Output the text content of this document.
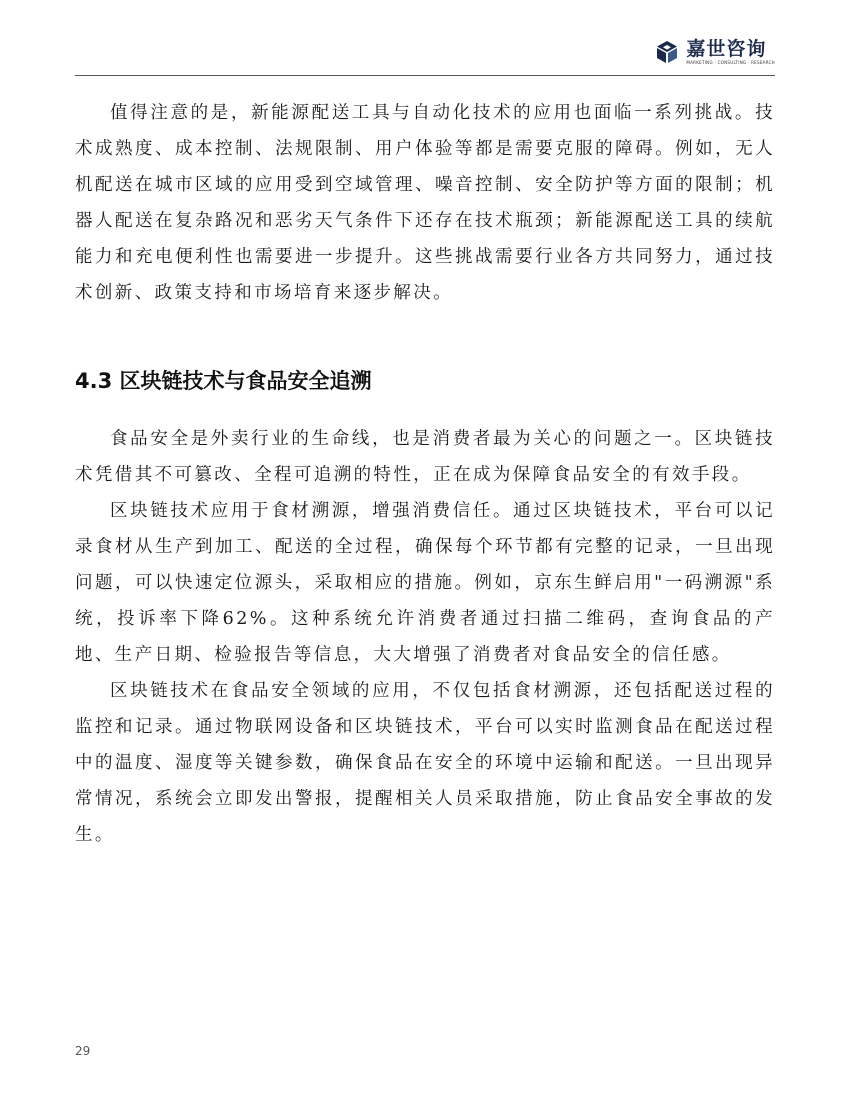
嘉世咨询
MARKETING · CONSULTING · RESEARCH

值得注意的是，新能源配送工具与自动化技术的应用也面临一系列挑战。技术成熟度、成本控制、法规限制、用户体验等都是需要克服的障碍。例如，无人机配送在城市区域的应用受到空域管理、噪音控制、安全防护等方面的限制；机器人配送在复杂路况和恶劣天气条件下还存在技术瓶颈；新能源配送工具的续航能力和充电便利性也需要进一步提升。这些挑战需要行业各方共同努力，通过技术创新、政策支持和市场培育来逐步解决。

4.3 区块链技术与食品安全追溯

食品安全是外卖行业的生命线，也是消费者最为关心的问题之一。区块链技术凭借其不可篡改、全程可追溯的特性，正在成为保障食品安全的有效手段。

区块链技术应用于食材溯源，增强消费信任。通过区块链技术，平台可以记录食材从生产到加工、配送的全过程，确保每个环节都有完整的记录，一旦出现问题，可以快速定位源头，采取相应的措施。例如，京东生鲜启用"一码溯源"系统，投诉率下降62%。这种系统允许消费者通过扫描二维码，查询食品的产地、生产日期、检验报告等信息，大大增强了消费者对食品安全的信任感。

区块链技术在食品安全领域的应用，不仅包括食材溯源，还包括配送过程的监控和记录。通过物联网设备和区块链技术，平台可以实时监测食品在配送过程中的温度、湿度等关键参数，确保食品在安全的环境中运输和配送。一旦出现异常情况，系统会立即发出警报，提醒相关人员采取措施，防止食品安全事故的发生。

29
